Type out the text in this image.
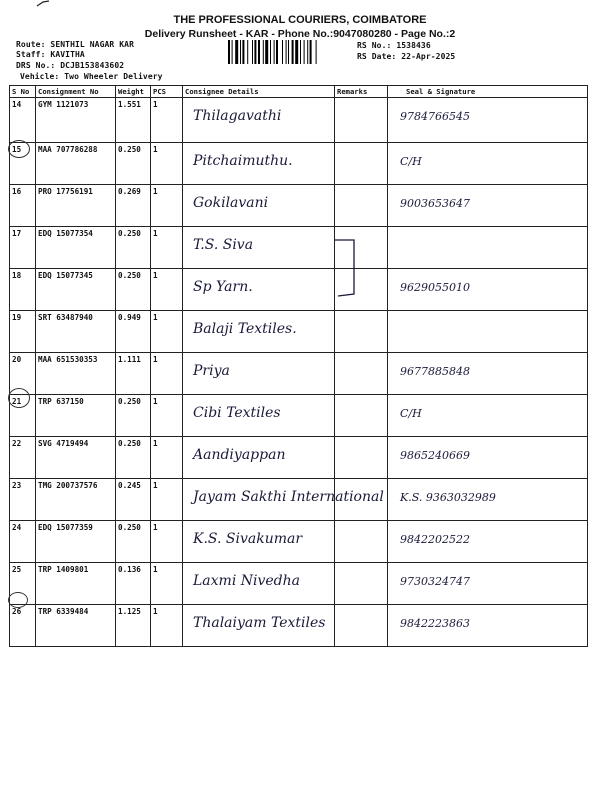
THE PROFESSIONAL COURIERS, COIMBATORE
Delivery Runsheet - KAR - Phone No.:9047080280 - Page No.:2
Route: SENTHIL NAGAR KAR
Staff: KAVITHA
DRS No.: DCJB153843602
Vehicle: Two Wheeler Delivery
RS No.: 1538436
RS Date: 22-Apr-2025
S No	Consignment No	Weight	PCS	Consignee Details	Remarks	Seal & Signature
14	GYM 1121073	1.551	1	Thilagavathi		9784766545

15	MAA 707786288	0.250	1	Pitchaimuthu.		C/H

16	PRO 17756191	0.269	1	Gokilavani		9003653647

17	EDQ 15077354	0.250	1	T.S. Siva		

18	EDQ 15077345	0.250	1	Sp Yarn.		9629055010

19	SRT 63487940	0.949	1	Balaji Textiles.		

20	MAA 651530353	1.111	1	Priya		9677885848

21	TRP 637150	0.250	1	Cibi Textiles		C/H

22	SVG 4719494	0.250	1	Aandiyappan		9865240669

23	TMG 200737576	0.245	1	Jayam Sakthi International		K.S. 9363032989

24	EDQ 15077359	0.250	1	K.S. Sivakumar		9842202522

25	TRP 1409801	0.136	1	Laxmi Nivedha		9730324747

26	TRP 6339484	1.125	1	Thalaiyam Textiles		9842223863
